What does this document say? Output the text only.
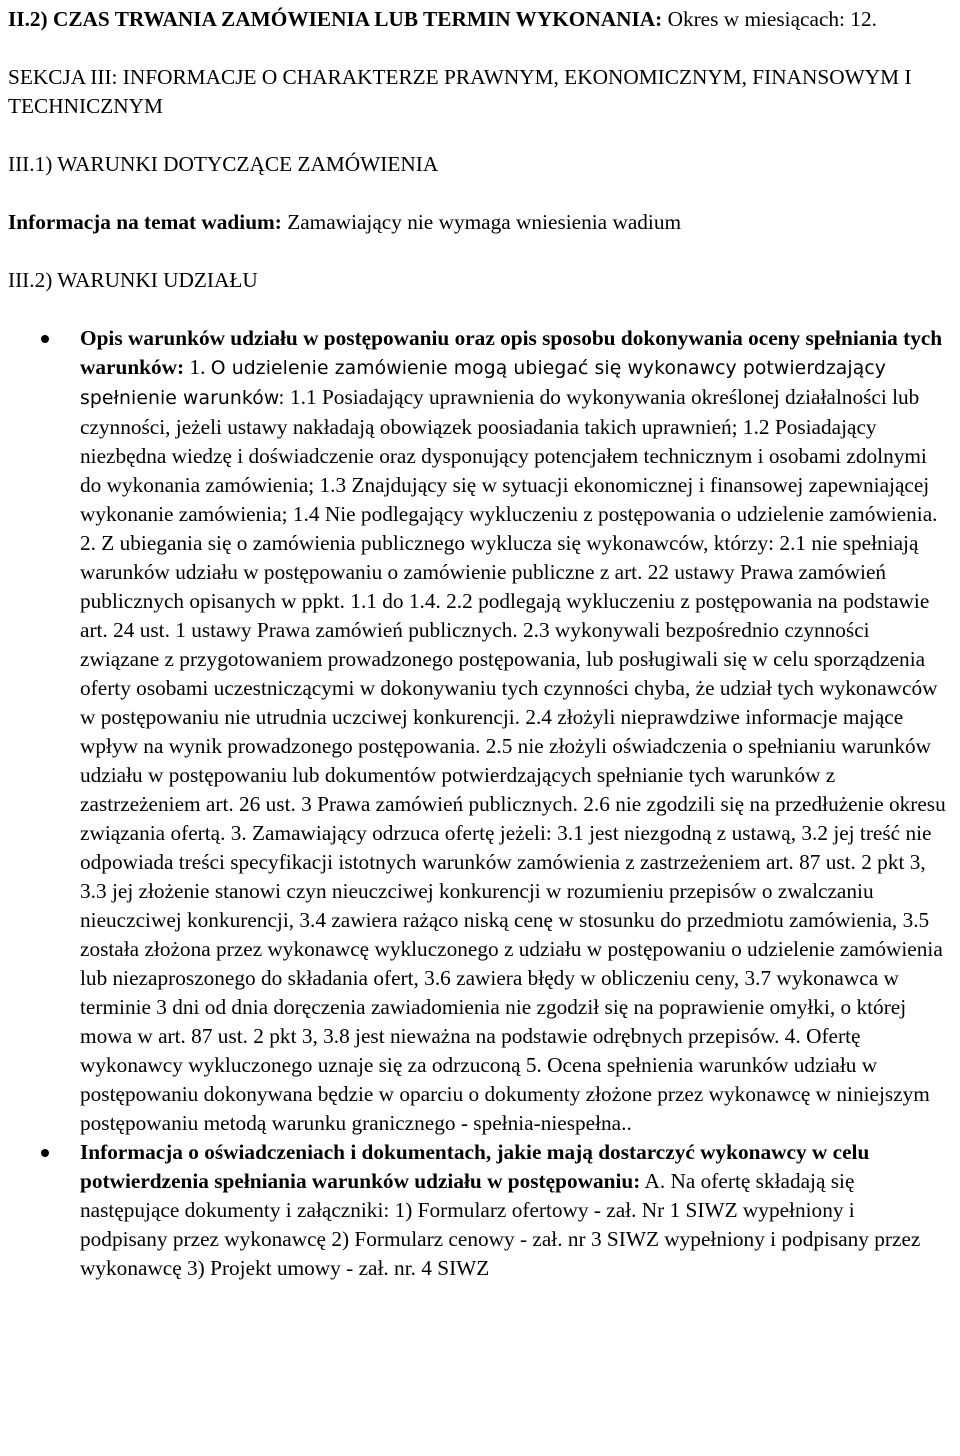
II.2) CZAS TRWANIA ZAMÓWIENIA LUB TERMIN WYKONANIA: Okres w miesiącach: 12.

SEKCJA III: INFORMACJE O CHARAKTERZE PRAWNYM, EKONOMICZNYM, FINANSOWYM I TECHNICZNYM

III.1) WARUNKI DOTYCZĄCE ZAMÓWIENIA

Informacja na temat wadium: Zamawiający nie wymaga wniesienia wadium

III.2) WARUNKI UDZIAŁU

Opis warunków udziału w postępowaniu oraz opis sposobu dokonywania oceny spełniania tych warunków: 1. O udzielenie zamówienie mogą ubiegać się wykonawcy potwierdzający spełnienie warunków: 1.1 Posiadający uprawnienia do wykonywania określonej działalności lub czynności, jeżeli ustawy nakładają obowiązek poosiadania takich uprawnień; 1.2 Posiadający niezbędna wiedzę i doświadczenie oraz dysponujący potencjałem technicznym i osobami zdolnymi do wykonania zamówienia; 1.3 Znajdujący się w sytuacji ekonomicznej i finansowej zapewniającej wykonanie zamówienia; 1.4 Nie podlegający wykluczeniu z postępowania o udzielenie zamówienia. 2. Z ubiegania się o zamówienia publicznego wyklucza się wykonawców, którzy: 2.1 nie spełniają warunków udziału w postępowaniu o zamówienie publiczne z art. 22 ustawy Prawa zamówień publicznych opisanych w ppkt. 1.1 do 1.4. 2.2 podlegają wykluczeniu z postępowania na podstawie art. 24 ust. 1 ustawy Prawa zamówień publicznych. 2.3 wykonywali bezpośrednio czynności związane z przygotowaniem prowadzonego postępowania, lub posługiwali się w celu sporządzenia oferty osobami uczestniczącymi w dokonywaniu tych czynności chyba, że udział tych wykonawców w postępowaniu nie utrudnia uczciwej konkurencji. 2.4 złożyli nieprawdziwe informacje mające wpływ na wynik prowadzonego postępowania. 2.5 nie złożyli oświadczenia o spełnianiu warunków udziału w postępowaniu lub dokumentów potwierdzających spełnianie tych warunków z zastrzeżeniem art. 26 ust. 3 Prawa zamówień publicznych. 2.6 nie zgodzili się na przedłużenie okresu związania ofertą. 3. Zamawiający odrzuca ofertę jeżeli: 3.1 jest niezgodną z ustawą, 3.2 jej treść nie odpowiada treści specyfikacji istotnych warunków zamówienia z zastrzeżeniem art. 87 ust. 2 pkt 3, 3.3 jej złożenie stanowi czyn nieuczciwej konkurencji w rozumieniu przepisów o zwalczaniu nieuczciwej konkurencji, 3.4 zawiera rażąco niską cenę w stosunku do przedmiotu zamówienia, 3.5 została złożona przez wykonawcę wykluczonego z udziału w postępowaniu o udzielenie zamówienia lub niezaproszonego do składania ofert, 3.6 zawiera błędy w obliczeniu ceny, 3.7 wykonawca w terminie 3 dni od dnia doręczenia zawiadomienia nie zgodził się na poprawienie omyłki, o której mowa w art. 87 ust. 2 pkt 3, 3.8 jest nieważna na podstawie odrębnych przepisów. 4. Ofertę wykonawcy wykluczonego uznaje się za odrzuconą 5. Ocena spełnienia warunków udziału w postępowaniu dokonywana będzie w oparciu o dokumenty złożone przez wykonawcę w niniejszym postępowaniu metodą warunku granicznego - spełnia-niespełna..
Informacja o oświadczeniach i dokumentach, jakie mają dostarczyć wykonawcy w celu potwierdzenia spełniania warunków udziału w postępowaniu: A. Na ofertę składają się następujące dokumenty i załączniki: 1) Formularz ofertowy - zał. Nr 1 SIWZ wypełniony i podpisany przez wykonawcę 2) Formularz cenowy - zał. nr 3 SIWZ wypełniony i podpisany przez wykonawcę 3) Projekt umowy - zał. nr. 4 SIWZ
